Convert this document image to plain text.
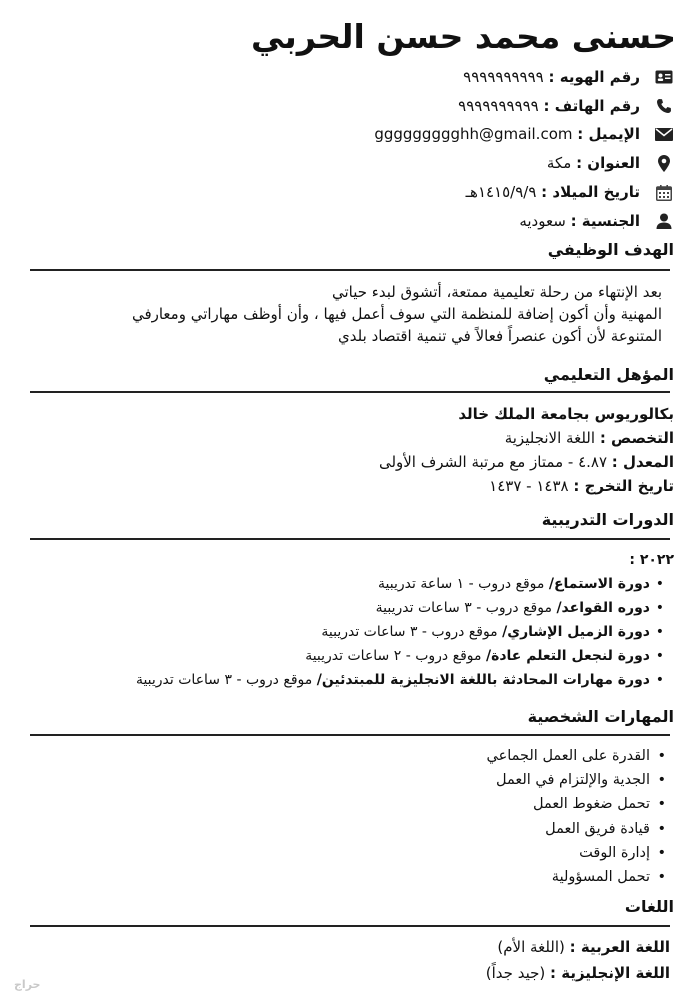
حسنى محمد حسن الحربي
رقم الهويه :

٩٩٩٩٩٩٩٩٩٩
رقم الهاتف :

٩٩٩٩٩٩٩٩٩٩
الإيميل :

ggggggggghh@gmail.com
العنوان :

مكة
تاريخ الميلاد :

١٤١٥/٩/٩هـ
الجنسية :

سعوديه
الهدف الوظيفي
بعد الإنتهاء من رحلة تعليمية ممتعة، أتشوق لبدء حياتي
المهنية وأن أكون إضافة للمنظمة التي سوف أعمل فيها ، وأن أوظف مهاراتي ومعارفي
المتنوعة لأن أكون عنصراً فعالاً في تنمية اقتصاد بلدي
المؤهل التعليمي
بكالوريوس بجامعة الملك خالد
التخصص : اللغة الانجليزية
المعدل : ٤.٨٧ - ممتاز مع مرتبة الشرف الأولى
تاريخ التخرج : ١٤٣٨ - ١٤٣٧
الدورات التدريبية
٢٠٢٢ :
• دورة الاستماع/ موقع دروب - ١ ساعة تدريبية
• دوره القواعد/ موقع دروب - ٣ ساعات تدريبية
• دورة الزميل الإشاري/ موقع دروب - ٣ ساعات تدريبية
• دورة لنجعل التعلم عادة/ موقع دروب - ٢ ساعات تدريبية
• دورة مهارات المحادثة باللغة الانجليزية للمبتدئين/ موقع دروب - ٣ ساعات تدريبية
المهارات الشخصية
• القدرة على العمل الجماعي
• الجدية والإلتزام في العمل
• تحمل ضغوط العمل
• قيادة فريق العمل
• إدارة الوقت
• تحمل المسؤولية
اللغات
اللغة العربية : (اللغة الأم)
اللغة الإنجليزية : (جيد جداً)
حراج
